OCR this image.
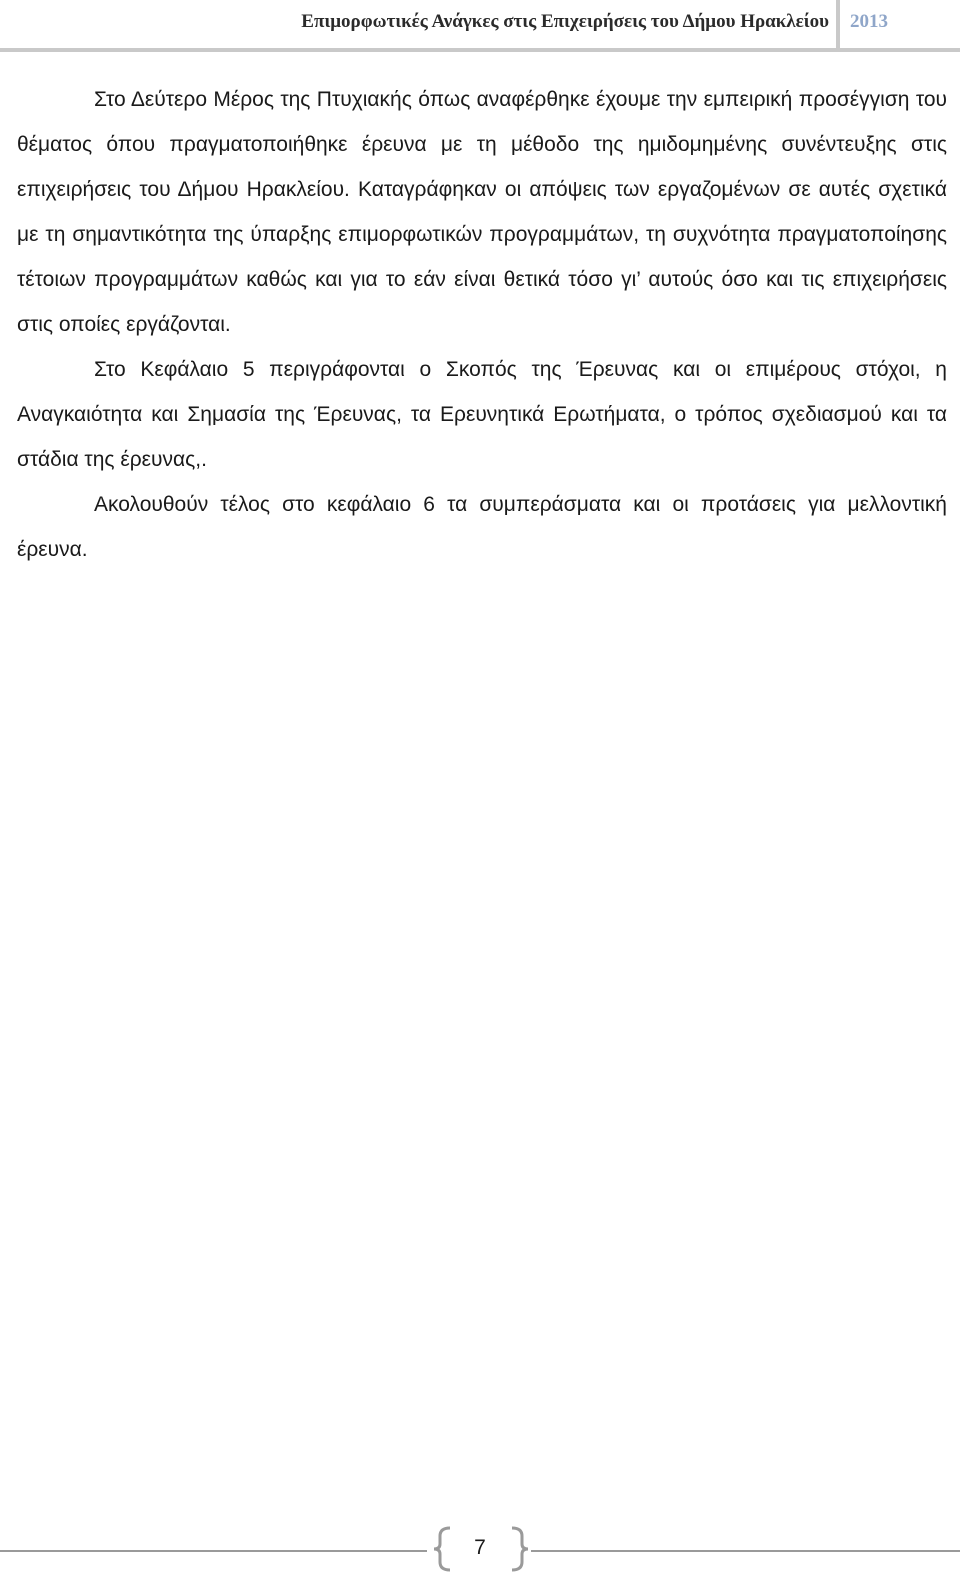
Επιμορφωτικές Ανάγκες στις Επιχειρήσεις του Δήμου Ηρακλείου 2013

Στο Δεύτερο Μέρος της Πτυχιακής όπως αναφέρθηκε έχουμε την εμπειρική προσέγγιση του θέματος όπου πραγματοποιήθηκε έρευνα με τη μέθοδο της ημιδομημένης συνέντευξης στις επιχειρήσεις του Δήμου Ηρακλείου. Καταγράφηκαν οι απόψεις των εργαζομένων σε αυτές σχετικά με τη σημαντικότητα της ύπαρξης επιμορφωτικών προγραμμάτων, τη συχνότητα πραγματοποίησης τέτοιων προγραμμάτων καθώς και για το εάν είναι θετικά τόσο γι’ αυτούς όσο και τις επιχειρήσεις στις οποίες εργάζονται.

Στο Κεφάλαιο 5 περιγράφονται ο Σκοπός της Έρευνας και οι επιμέρους στόχοι, η Αναγκαιότητα και Σημασία της Έρευνας, τα Ερευνητικά Ερωτήματα, ο τρόπος σχεδιασμού και τα στάδια της έρευνας,.

Ακολουθούν τέλος στο κεφάλαιο 6 τα συμπεράσματα και οι προτάσεις για μελλοντική έρευνα.

7
